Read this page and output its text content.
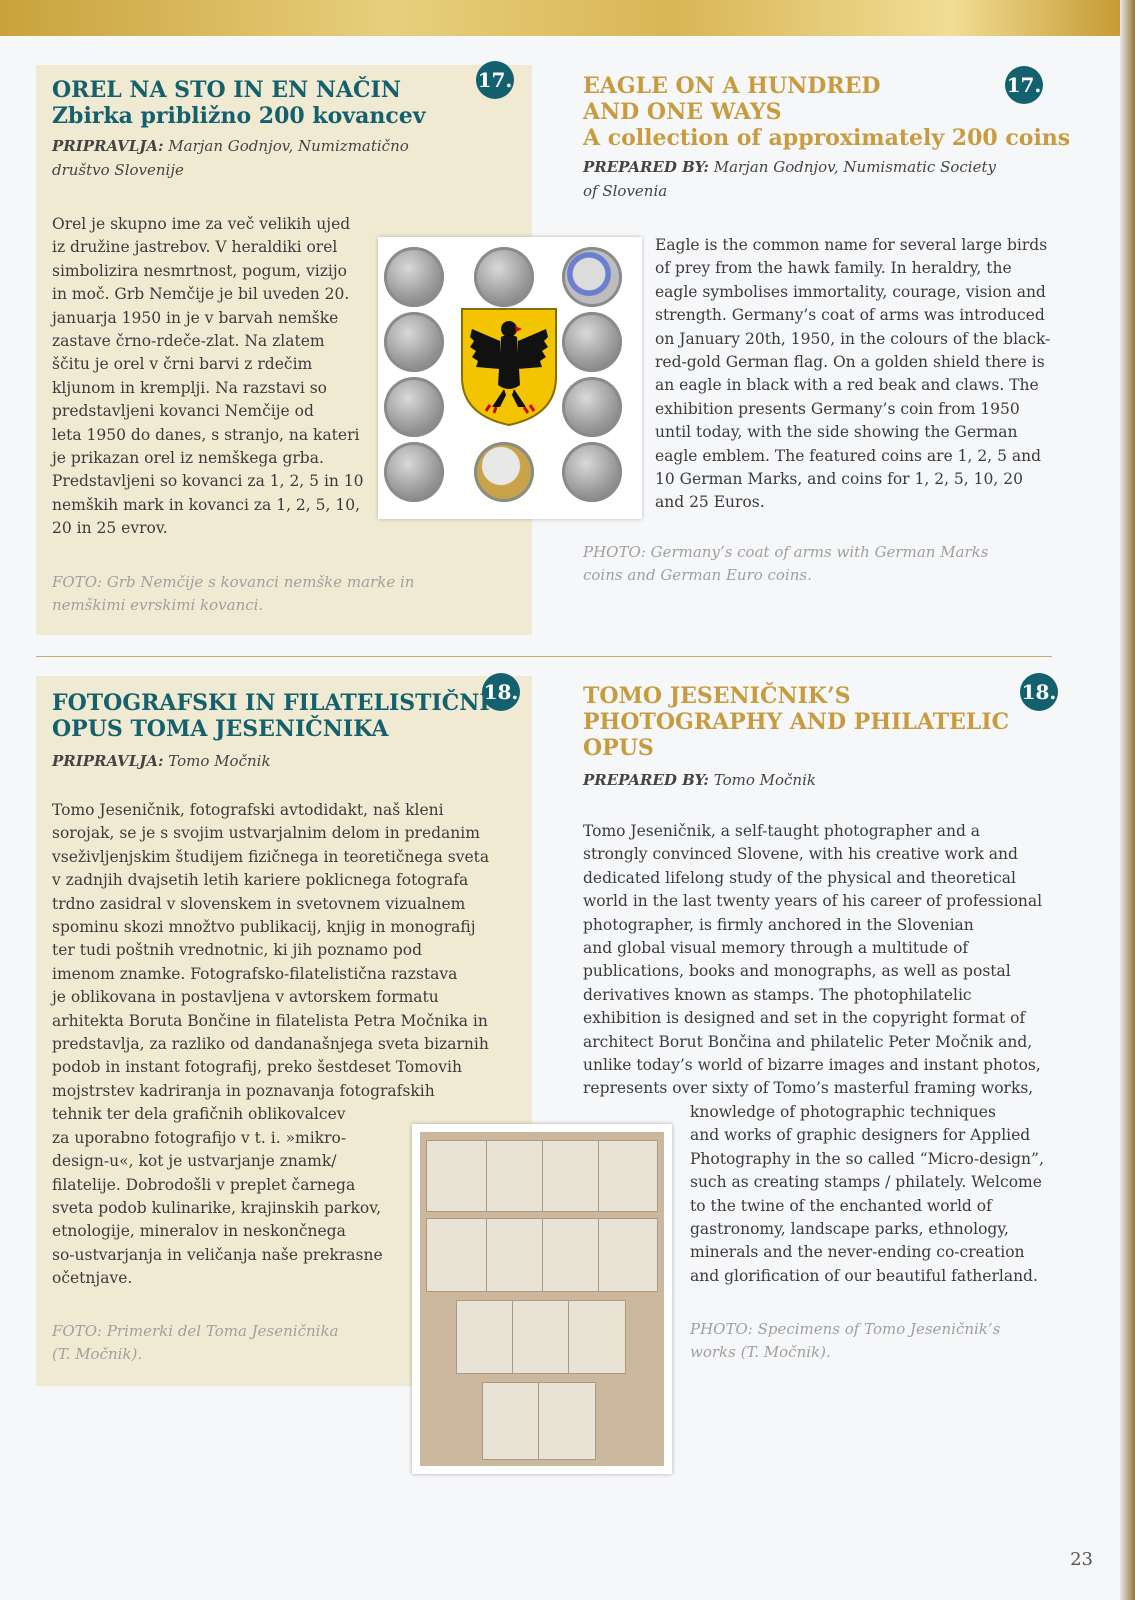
17.	17.

OREL NA STO IN EN NAČIN
Zbirka približno 200 kovancev

PRIPRAVLJA: Marjan Godnjov, Numizmatično
društvo Slovenije

Orel je skupno ime za več velikih ujed
iz družine jastrebov. V heraldiki orel
simbolizira nesmrtnost, pogum, vizijo
in moč. Grb Nemčije je bil uveden 20.
januarja 1950 in je v barvah nemške
zastave črno-rdeče-zlat. Na zlatem
ščitu je orel v črni barvi z rdečim
kljunom in kremplji. Na razstavi so
predstavljeni kovanci Nemčije od
leta 1950 do danes, s stranjo, na kateri
je prikazan orel iz nemškega grba.
Predstavljeni so kovanci za 1, 2, 5 in 10
nemških mark in kovanci za 1, 2, 5, 10,
20 in 25 evrov.

FOTO: Grb Nemčije s kovanci nemške marke in
nemškimi evrskimi kovanci.

EAGLE ON A HUNDRED
AND ONE WAYS
A collection of approximately 200 coins

PREPARED BY: Marjan Godnjov, Numismatic Society
of Slovenia

Eagle is the common name for several large birds
of prey from the hawk family. In heraldry, the
eagle symbolises immortality, courage, vision and
strength. Germany’s coat of arms was introduced
on January 20th, 1950, in the colours of the black-
red-gold German flag. On a golden shield there is
an eagle in black with a red beak and claws. The
exhibition presents Germany’s coin from 1950
until today, with the side showing the German
eagle emblem. The featured coins are 1, 2, 5 and
10 German Marks, and coins for 1, 2, 5, 10, 20
and 25 Euros.

PHOTO: Germany’s coat of arms with German Marks
coins and German Euro coins.

18.	18.

FOTOGRAFSKI IN FILATELISTIČNI
OPUS TOMA JESENIČNIKA

PRIPRAVLJA: Tomo Močnik

Tomo Jeseničnik, fotografski avtodidakt, naš kleni
sorojak, se je s svojim ustvarjalnim delom in predanim
vseživljenjskim študijem fizičnega in teoretičnega sveta
v zadnjih dvajsetih letih kariere poklicnega fotografa
trdno zasidral v slovenskem in svetovnem vizualnem
spominu skozi množtvo publikacij, knjig in monografij
ter tudi poštnih vrednotnic, ki jih poznamo pod
imenom znamke. Fotografsko-filatelistična razstava
je oblikovana in postavljena v avtorskem formatu
arhitekta Boruta Bončine in filatelista Petra Močnika in
predstavlja, za razliko od dandanašnjega sveta bizarnih
podob in instant fotografij, preko šestdeset Tomovih
mojstrstev kadriranja in poznavanja fotografskih
tehnik ter dela grafičnih oblikovalcev
za uporabno fotografijo v t. i. »mikro-
design-u«, kot je ustvarjanje znamk/
filatelije. Dobrodošli v preplet čarnega
sveta podob kulinarike, krajinskih parkov,
etnologije, mineralov in neskončnega
so-ustvarjanja in veličanja naše prekrasne
očetnjave.

FOTO: Primerki del Toma Jeseničnika
(T. Močnik).

TOMO JESENIČNIK’S
PHOTOGRAPHY AND PHILATELIC
OPUS

PREPARED BY: Tomo Močnik

Tomo Jeseničnik, a self-taught photographer and a
strongly convinced Slovene, with his creative work and
dedicated lifelong study of the physical and theoretical
world in the last twenty years of his career of professional
photographer, is firmly anchored in the Slovenian
and global visual memory through a multitude of
publications, books and monographs, as well as postal
derivatives known as stamps. The photophilatelic
exhibition is designed and set in the copyright format of
architect Borut Bončina and philatelic Peter Močnik and,
unlike today’s world of bizarre images and instant photos,
represents over sixty of Tomo’s masterful framing works,
knowledge of photographic techniques
and works of graphic designers for Applied
Photography in the so called “Micro-design”,
such as creating stamps / philately. Welcome
to the twine of the enchanted world of
gastronomy, landscape parks, ethnology,
minerals and the never-ending co-creation
and glorification of our beautiful fatherland.

PHOTO: Specimens of Tomo Jeseničnik’s
works (T. Močnik).

23
